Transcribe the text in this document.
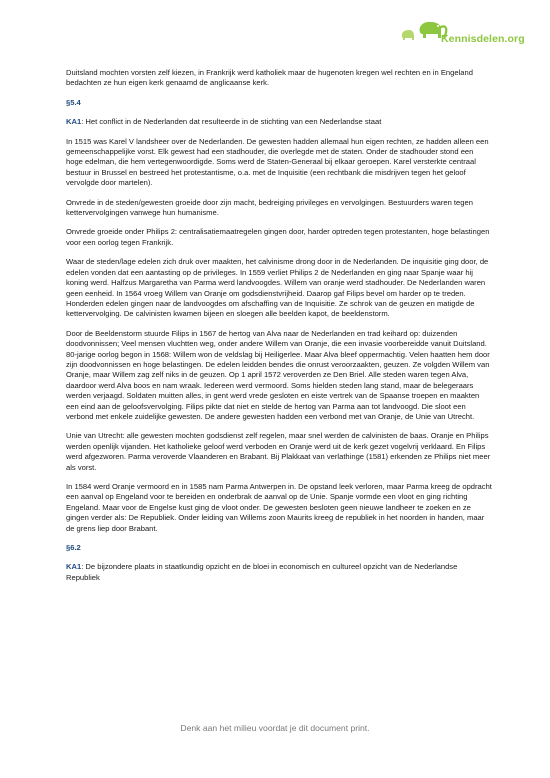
Kennisdelen.org

Duitsland mochten vorsten zelf kiezen, in Frankrijk werd katholiek maar de hugenoten kregen wel rechten en in Engeland bedachten ze hun eigen kerk genaamd de anglicaanse kerk.

§5.4

KA1: Het conflict in de Nederlanden dat resulteerde in de stichting van een Nederlandse staat

In 1515 was Karel V landsheer over de Nederlanden. De gewesten hadden allemaal hun eigen rechten, ze hadden alleen een gemeenschappelijke vorst. Elk gewest had een stadhouder, die overlegde met de staten. Onder de stadhouder stond een hoge edelman, die hem vertegenwoordigde. Soms werd de Staten-Generaal bij elkaar geroepen. Karel versterkte centraal bestuur in Brussel en bestreed het protestantisme, o.a. met de Inquisitie (een rechtbank die misdrijven tegen het geloof vervolgde door martelen).

Onvrede in de steden/gewesten groeide door zijn macht, bedreiging privileges en vervolgingen. Bestuurders waren tegen kettervervolgingen vanwege hun humanisme.

Onvrede groeide onder Philips 2: centralisatiemaatregelen gingen door, harder optreden tegen protestanten, hoge belastingen voor een oorlog tegen Frankrijk.

Waar de steden/lage edelen zich druk over maakten, het calvinisme drong door in de Nederlanden. De inquisitie ging door, de edelen vonden dat een aantasting op de privileges. In 1559 verliet Philips 2 de Nederlanden en ging naar Spanje waar hij koning werd. Halfzus Margaretha van Parma werd landvoogdes. Willem van oranje werd stadhouder. De Nederlanden waren geen eenheid. In 1564 vroeg Willem van Oranje om godsdienstvrijheid. Daarop gaf Filips bevel om harder op te treden. Honderden edelen gingen naar de landvoogdes om afschaffing van de Inquisitie. Ze schrok van de geuzen en matigde de kettervervolging. De calvinisten kwamen bijeen en sloegen alle beelden kapot, de beeldenstorm.

Door de Beeldenstorm stuurde Filips in 1567 de hertog van Alva naar de Nederlanden en trad keihard op: duizenden doodvonnissen; Veel mensen vluchtten weg, onder andere Willem van Oranje, die een invasie voorbereidde vanuit Duitsland.

80-jarige oorlog begon in 1568: Willem won de veldslag bij Heiligerlee. Maar Alva bleef oppermachtig. Velen haatten hem door zijn doodvonnissen en hoge belastingen. De edelen leidden bendes die onrust veroorzaakten, geuzen. Ze volgden Willem van Oranje, maar Willem zag zelf niks in de geuzen. Op 1 april 1572 veroverden ze Den Briel. Alle steden waren tegen Alva, daardoor werd Alva boos en nam wraak. Iedereen werd vermoord. Soms hielden steden lang stand, maar de belegeraars werden verjaagd. Soldaten muitten alles, in gent werd vrede gesloten en eiste vertrek van de Spaanse troepen en maakten een eind aan de geloofsvervolging. Filips pikte dat niet en stelde de hertog van Parma aan tot landvoogd. Die sloot een verbond met enkele zuidelijke gewesten. De andere gewesten hadden een verbond met van Oranje, de Unie van Utrecht.

Unie van Utrecht: alle gewesten mochten godsdienst zelf regelen, maar snel werden de calvinisten de baas. Oranje en Philips werden openlijk vijanden. Het katholieke geloof werd verboden en Oranje werd uit de kerk gezet vogelvrij verklaard. En Filips werd afgezworen. Parma veroverde Vlaanderen en Brabant. Bij Plakkaat van verlathinge (1581) erkenden ze Philips niet meer als vorst.

In 1584 werd Oranje vermoord en in 1585 nam Parma Antwerpen in. De opstand leek verloren, maar Parma kreeg de opdracht een aanval op Engeland voor te bereiden en onderbrak de aanval op de Unie. Spanje vormde een vloot en ging richting Engeland. Maar voor de Engelse kust ging de vloot onder. De gewesten besloten geen nieuwe landheer te zoeken en ze gingen verder als: De Republiek. Onder leiding van Willems zoon Maurits kreeg de republiek in het noorden in handen, maar de grens liep door Brabant.

§6.2

KA1: De bijzondere plaats in staatkundig opzicht en de bloei in economisch en cultureel opzicht van de Nederlandse Republiek

Denk aan het milieu voordat je dit document print.
